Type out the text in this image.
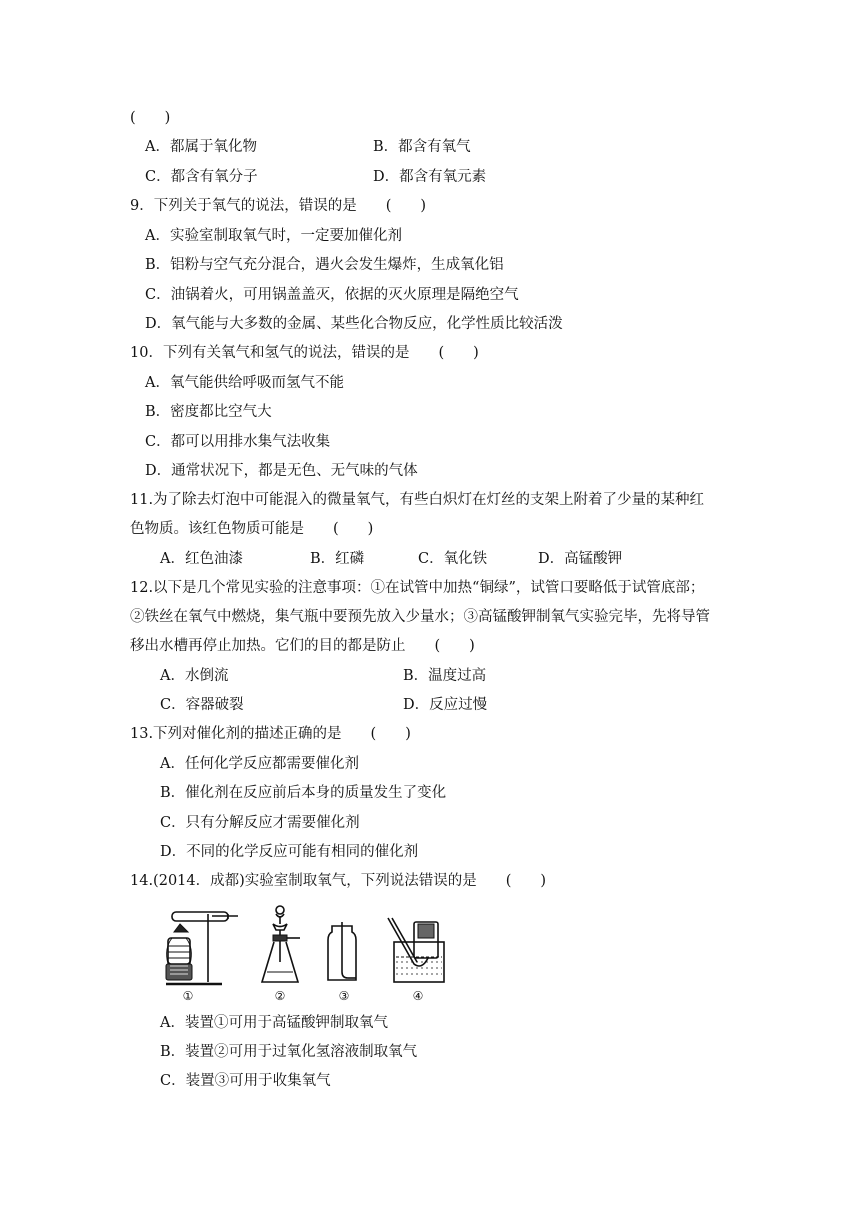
(　　)
A．都属于氧化物	B．都含有氧气
C．都含有氧分子	D．都含有氧元素
9．下列关于氧气的说法，错误的是　　(　　)
A．实验室制取氧气时，一定要加催化剂
B．铝粉与空气充分混合，遇火会发生爆炸，生成氧化铝
C．油锅着火，可用锅盖盖灭，依据的灭火原理是隔绝空气
D．氧气能与大多数的金属、某些化合物反应，化学性质比较活泼
10．下列有关氧气和氢气的说法，错误的是　　(　　)
A．氧气能供给呼吸而氢气不能
B．密度都比空气大
C．都可以用排水集气法收集
D．通常状况下，都是无色、无气味的气体
11.为了除去灯泡中可能混入的微量氧气，有些白炽灯在灯丝的支架上附着了少量的某种红
色物质。该红色物质可能是　　(　　)
A．红色油漆	B．红磷	C．氧化铁	D．高锰酸钾
12.以下是几个常见实验的注意事项：①在试管中加热“铜绿”，试管口要略低于试管底部；
②铁丝在氧气中燃烧，集气瓶中要预先放入少量水；③高锰酸钾制氧气实验完毕，先将导管
移出水槽再停止加热。它们的目的都是防止　　(　　)
A．水倒流	B．温度过高
C．容器破裂	D．反应过慢
13.下列对催化剂的描述正确的是　　(　　)
A．任何化学反应都需要催化剂
B．催化剂在反应前后本身的质量发生了变化
C．只有分解反应才需要催化剂
D．不同的化学反应可能有相同的催化剂
14.(2014．成都)实验室制取氧气，下列说法错误的是　　(　　)
①	②	③	④
A．装置①可用于高锰酸钾制取氧气
B．装置②可用于过氧化氢溶液制取氧气
C．装置③可用于收集氧气
